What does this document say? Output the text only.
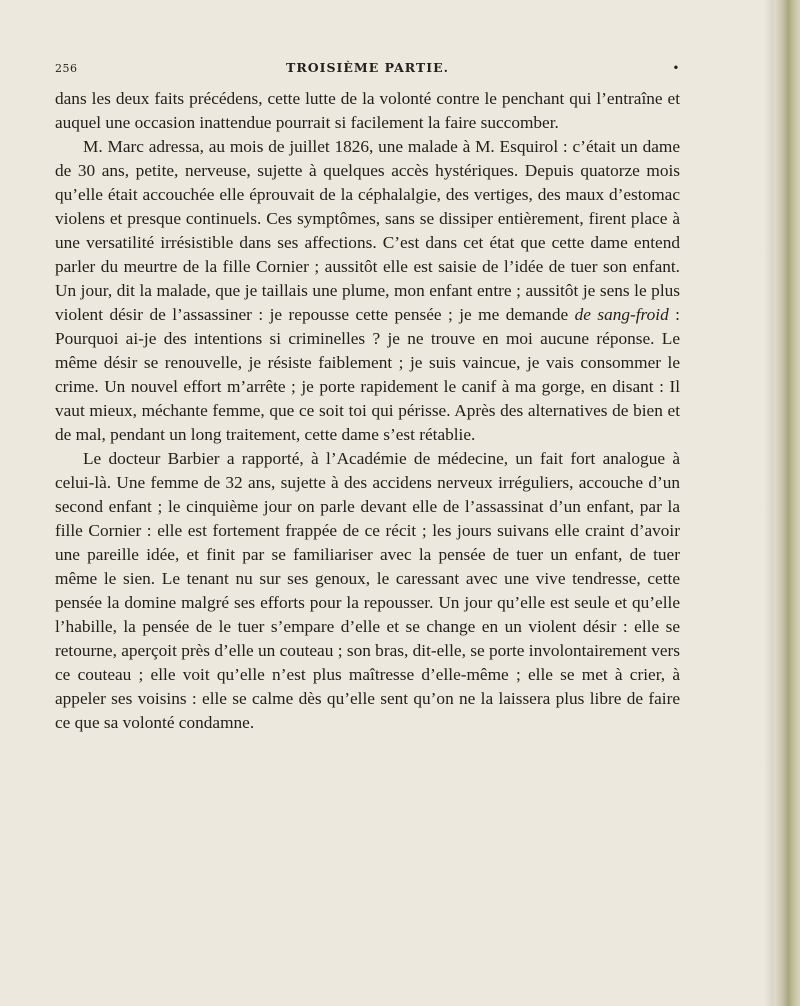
256	TROISIÈME PARTIE.	•

dans les deux faits précédens, cette lutte de la volonté contre le penchant qui l’entraîne et auquel une occasion inattendue pourrait si facilement la faire succomber.

M. Marc adressa, au mois de juillet 1826, une malade à M. Esquirol : c’était un dame de 30 ans, petite, nerveuse, sujette à quelques accès hystériques. Depuis quatorze mois qu’elle était accouchée elle éprouvait de la céphalalgie, des vertiges, des maux d’estomac violens et presque continuels. Ces symptômes, sans se dissiper entièrement, firent place à une versatilité irrésistible dans ses affections. C’est dans cet état que cette dame entend parler du meurtre de la fille Cornier ; aussitôt elle est saisie de l’idée de tuer son enfant. Un jour, dit la malade, que je taillais une plume, mon enfant entre ; aussitôt je sens le plus violent désir de l’assassiner : je repousse cette pensée ; je me demande de sang-froid : Pourquoi ai-je des intentions si criminelles ? je ne trouve en moi aucune réponse. Le même désir se renouvelle, je résiste faiblement ; je suis vaincue, je vais consommer le crime. Un nouvel effort m’arrête ; je porte rapidement le canif à ma gorge, en disant : Il vaut mieux, méchante femme, que ce soit toi qui périsse. Après des alternatives de bien et de mal, pendant un long traitement, cette dame s’est rétablie.

Le docteur Barbier a rapporté, à l’Académie de médecine, un fait fort analogue à celui-là. Une femme de 32 ans, sujette à des accidens nerveux irréguliers, accouche d’un second enfant ; le cinquième jour on parle devant elle de l’assassinat d’un enfant, par la fille Cornier : elle est fortement frappée de ce récit ; les jours suivans elle craint d’avoir une pareille idée, et finit par se familiariser avec la pensée de tuer un enfant, de tuer même le sien. Le tenant nu sur ses genoux, le caressant avec une vive tendresse, cette pensée la domine malgré ses efforts pour la repousser. Un jour qu’elle est seule et qu’elle l’habille, la pensée de le tuer s’empare d’elle et se change en un violent désir : elle se retourne, aperçoit près d’elle un couteau ; son bras, dit-elle, se porte involontairement vers ce couteau ; elle voit qu’elle n’est plus maîtresse d’elle-même ; elle se met à crier, à appeler ses voisins : elle se calme dès qu’elle sent qu’on ne la laissera plus libre de faire ce que sa volonté condamne.
